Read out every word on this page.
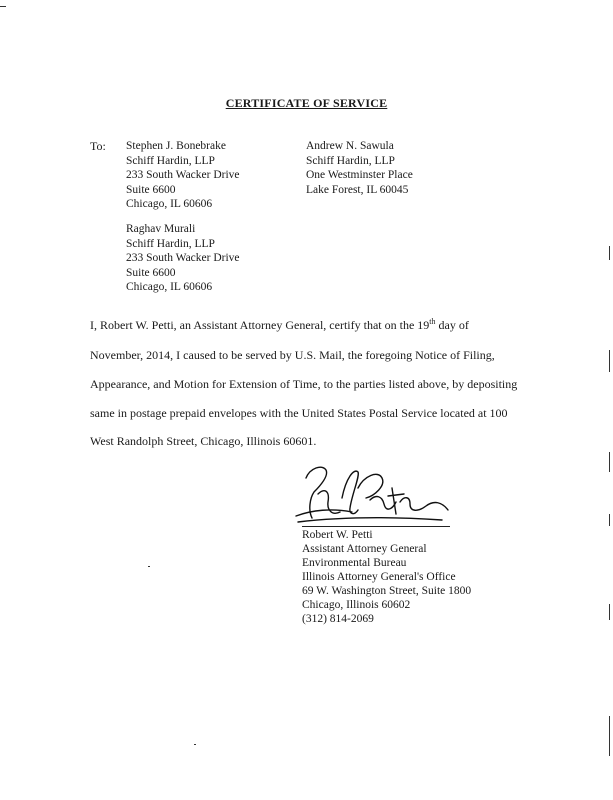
CERTIFICATE OF SERVICE
To: Stephen J. Bonebrake
Schiff Hardin, LLP
233 South Wacker Drive
Suite 6600
Chicago, IL 60606
Andrew N. Sawula
Schiff Hardin, LLP
One Westminster Place
Lake Forest, IL 60045
Raghav Murali
Schiff Hardin, LLP
233 South Wacker Drive
Suite 6600
Chicago, IL 60606
I, Robert W. Petti, an Assistant Attorney General, certify that on the 19th day of
November, 2014, I caused to be served by U.S. Mail, the foregoing Notice of Filing,
Appearance, and Motion for Extension of Time, to the parties listed above, by depositing
same in postage prepaid envelopes with the United States Postal Service located at 100
West Randolph Street, Chicago, Illinois 60601.
Robert W. Petti
Assistant Attorney General
Environmental Bureau
Illinois Attorney General's Office
69 W. Washington Street, Suite 1800
Chicago, Illinois 60602
(312) 814-2069
